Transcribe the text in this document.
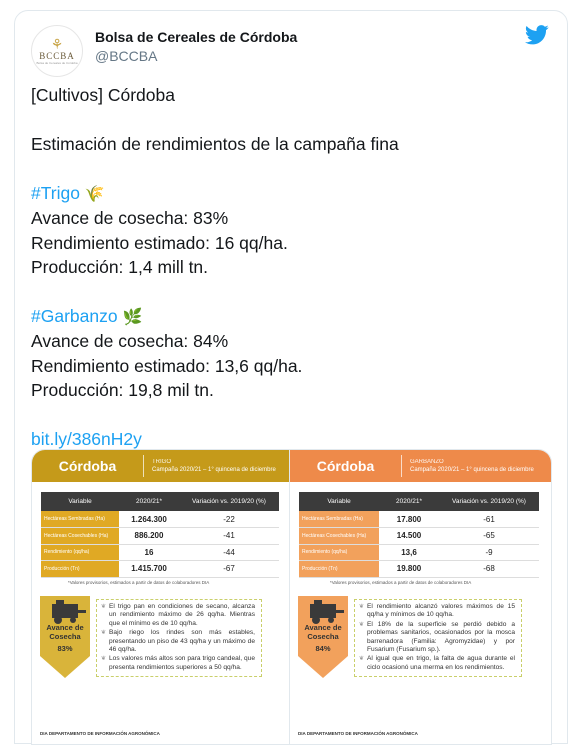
⚘
BCCBA
Bolsa de Cereales de Córdoba
Bolsa de Cereales de Córdoba
@BCCBA
[Cultivos] Córdoba
Estimación de rendimientos de la campaña fina
#Trigo 🌾
Avance de cosecha: 83%
Rendimiento estimado: 16 qq/ha.
Producción: 1,4 mill tn.
#Garbanzo 🌿
Avance de cosecha: 84%
Rendimiento estimado: 13,6 qq/ha.
Producción: 19,8 mil tn.
bit.ly/386nH2y
Córdoba	TRIGO
Campaña 2020/21 – 1° quincena de diciembre
Variable	2020/21*	Variación vs. 2019/20 (%)
Hectáreas Sembradas (Ha)	1.264.300	-22
Hectáreas Cosechables (Ha)	886.200	-41
Rendimiento (qq/ha)	16	-44
Producción (Tn)	1.415.700	-67
*Valores provisorios, estimados a partir de datos de colaboradores DIA
Avance de Cosecha
83%
❦ El trigo pan en condiciones de secano, alcanza un rendimiento máximo de 26 qq/ha. Mientras que el mínimo es de 10 qq/ha.
❦ Bajo riego los rindes son más estables, presentando un piso de 43 qq/ha y un máximo de 46 qq/ha.
❦ Los valores más altos son para trigo candeal, que presenta rendimientos superiores a 50 qq/ha.
DIA DEPARTAMENTO DE INFORMACIÓN AGRONÓMICA
Córdoba	GARBANZO
Campaña 2020/21 – 1° quincena de diciembre
Variable	2020/21*	Variación vs. 2019/20 (%)
Hectáreas Sembradas (Ha)	17.800	-61
Hectáreas Cosechables (Ha)	14.500	-65
Rendimiento (qq/ha)	13,6	-9
Producción (Tn)	19.800	-68
*Valores provisorios, estimados a partir de datos de colaboradores DIA
Avance de Cosecha
84%
❦ El rendimiento alcanzó valores máximos de 15 qq/ha y mínimos de 10 qq/ha.
❦ El 18% de la superficie se perdió debido a problemas sanitarios, ocasionados por la mosca barrenadora (Familia: Agromyzidae) y por Fusarium (Fusarium sp.).
❦ Al igual que en trigo, la falta de agua durante el ciclo ocasionó una merma en los rendimientos.
DIA DEPARTAMENTO DE INFORMACIÓN AGRONÓMICA
